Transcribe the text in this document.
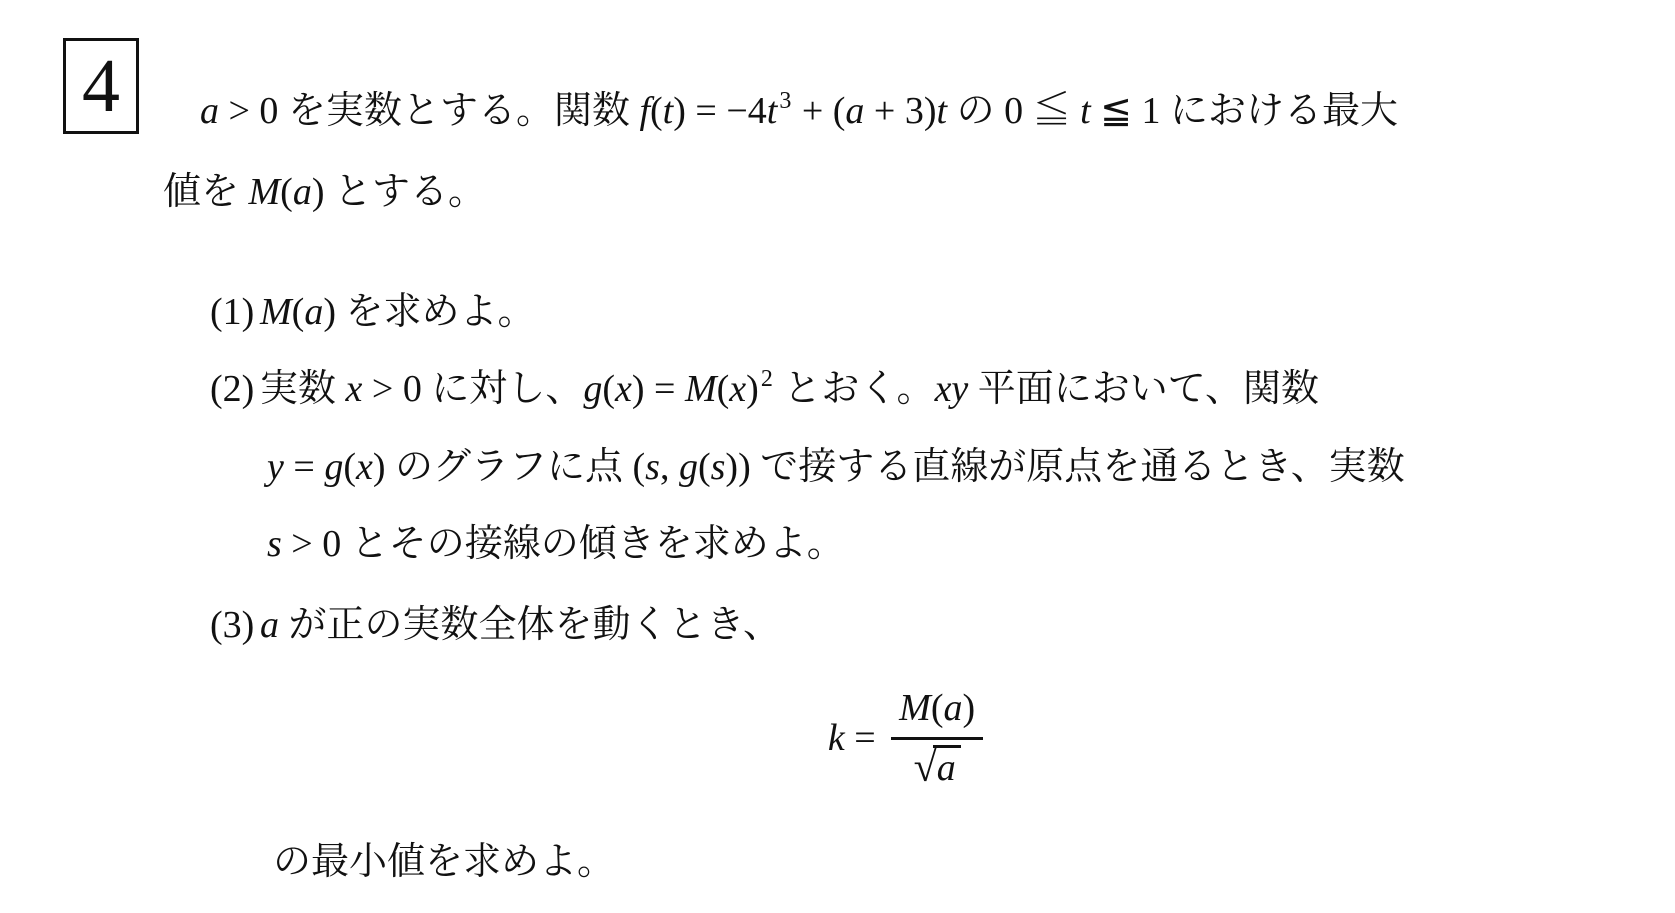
4 a > 0 を実数とする。関数 $f(t) = -4t^3 + (a + 3)t$ の 0 ≦ t ≦ 1 における最大
値を M(a) とする。
(1) M(a) を求めよ。
(2) 実数 x > 0 に対し、$g(x) = M(x)^2$ とおく。xy 平面において、関数
y = g(x) のグラフに点 (s, g(s)) で接する直線が原点を通るとき、実数
s > 0 とその接線の傾きを求めよ。
(3) a が正の実数全体を動くとき、
$k = \frac{M(a)}{√a}$
の最小値を求めよ。
